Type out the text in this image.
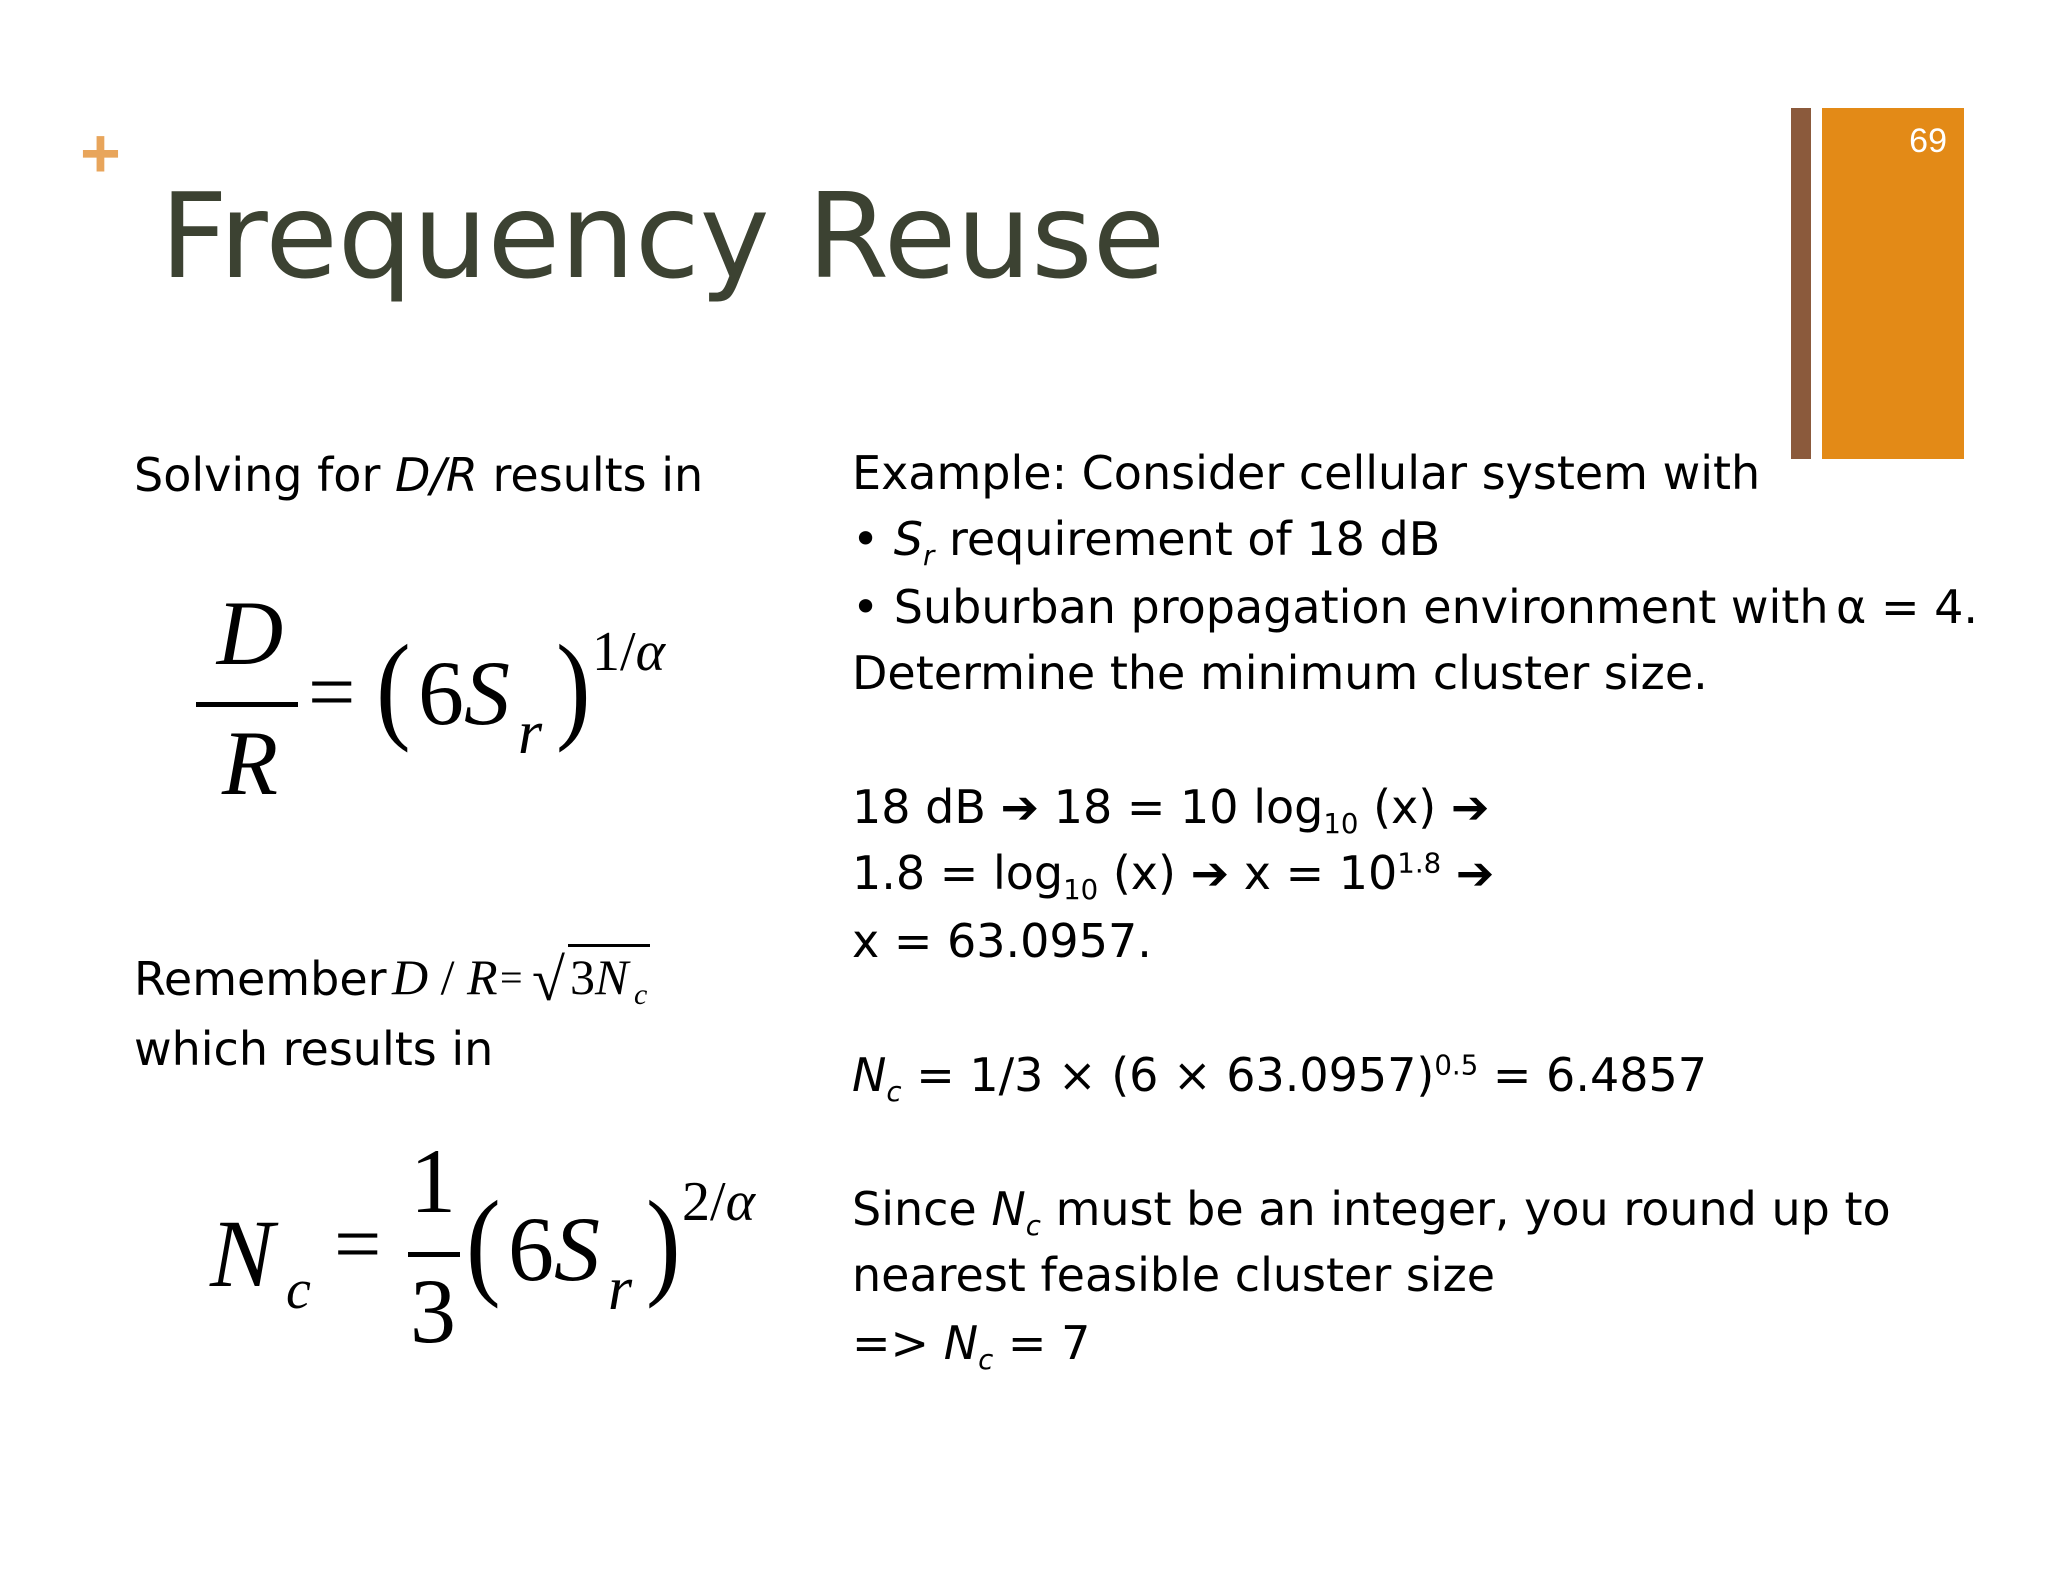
+
Frequency Reuse
69
Solving for D/R results in
D
R
= ( 6S r ) 1/α
Remember D / R = √ 3N c
which results in
N c =
1
3
( 6S r ) 2/α
Example: Consider cellular system with
• $S_r$ requirement of 18 dB
• Suburban propagation environment with α = 4.
Determine the minimum cluster size.
18 dB ➔ 18 = 10 $\log_{10} (x)$ ➔
$1.8 = \log_{10} (x)$ ➔ $x = 10^{1.8}$ ➔
x = 63.0957.
$N_c = 1/3 \times (6 \times 63.0957)^{0.5} = 6.4857$
Since $N_c$ must be an integer, you round up to
nearest feasible cluster size
=> $N_c = 7$
